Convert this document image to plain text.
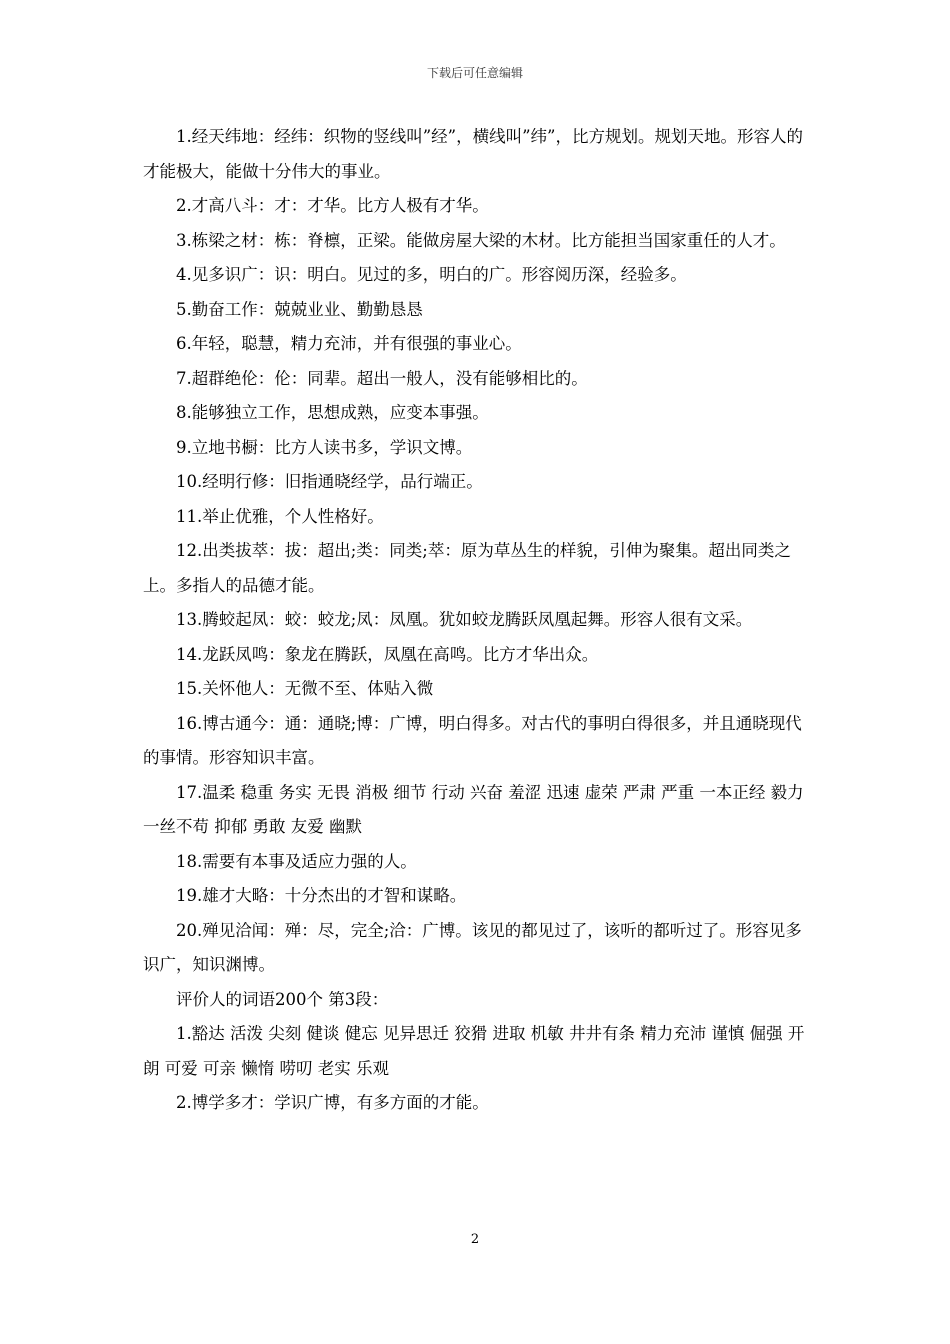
下载后可任意编辑

1.经天纬地：经纬：织物的竖线叫”经”，横线叫”纬”，比方规划。规划天地。形容人的才能极大，能做十分伟大的事业。

2.才高八斗：才：才华。比方人极有才华。

3.栋梁之材：栋：脊檩，正梁。能做房屋大梁的木材。比方能担当国家重任的人才。

4.见多识广：识：明白。见过的多，明白的广。形容阅历深，经验多。

5.勤奋工作：兢兢业业、勤勤恳恳

6.年轻，聪慧，精力充沛，并有很强的事业心。

7.超群绝伦：伦：同辈。超出一般人，没有能够相比的。

8.能够独立工作，思想成熟，应变本事强。

9.立地书橱：比方人读书多，学识文博。

10.经明行修：旧指通晓经学，品行端正。

11.举止优雅，个人性格好。

12.出类拔萃：拔：超出;类：同类;萃：原为草丛生的样貌，引伸为聚集。超出同类之上。多指人的品德才能。

13.腾蛟起凤：蛟：蛟龙;凤：凤凰。犹如蛟龙腾跃凤凰起舞。形容人很有文采。

14.龙跃凤鸣：象龙在腾跃，凤凰在高鸣。比方才华出众。

15.关怀他人：无微不至、体贴入微

16.博古通今：通：通晓;博：广博，明白得多。对古代的事明白得很多，并且通晓现代的事情。形容知识丰富。

17.温柔 稳重 务实 无畏 消极 细节 行动 兴奋 羞涩 迅速 虚荣 严肃 严重 一本正经 毅力 一丝不苟 抑郁 勇敢 友爱 幽默

18.需要有本事及适应力强的人。

19.雄才大略：十分杰出的才智和谋略。

20.殚见洽闻：殚：尽，完全;洽：广博。该见的都见过了，该听的都听过了。形容见多识广，知识渊博。

评价人的词语200个 第3段：

1.豁达 活泼 尖刻 健谈 健忘 见异思迁 狡猾 进取 机敏 井井有条 精力充沛 谨慎 倔强 开朗 可爱 可亲 懒惰 唠叨 老实 乐观

2.博学多才：学识广博，有多方面的才能。

2
